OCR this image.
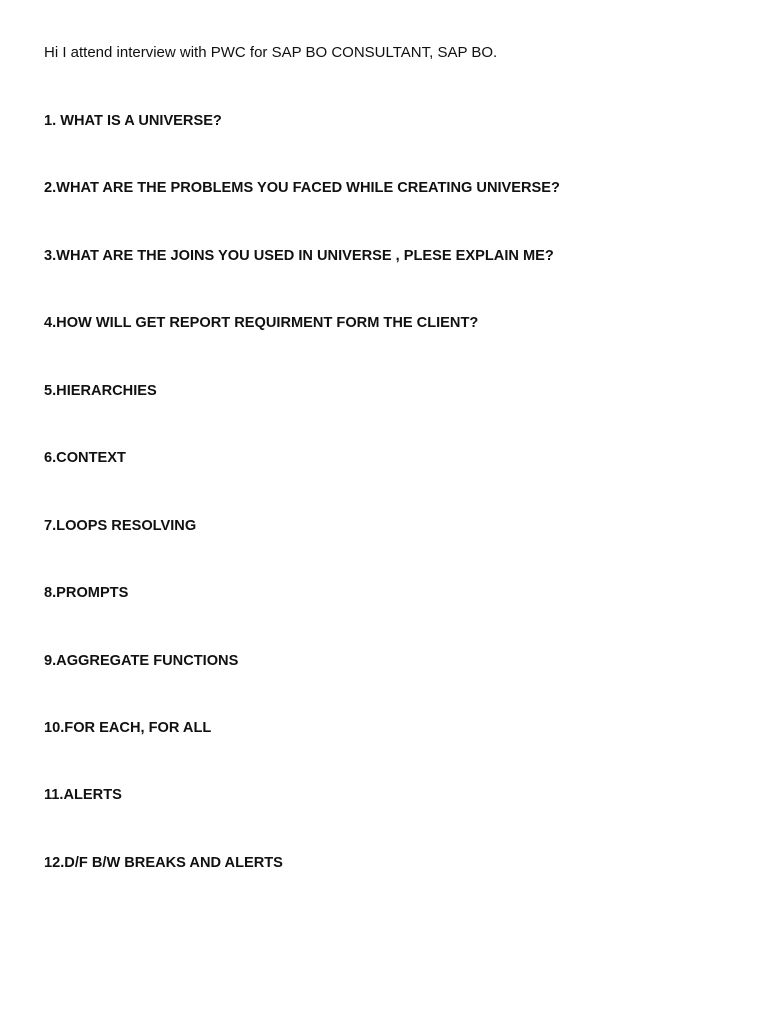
Hi I attend interview with PWC for SAP BO CONSULTANT, SAP BO.
1. WHAT IS A UNIVERSE?
2.WHAT ARE THE PROBLEMS YOU FACED WHILE CREATING UNIVERSE?
3.WHAT ARE THE JOINS YOU USED IN UNIVERSE , PLESE EXPLAIN ME?
4.HOW WILL GET REPORT REQUIRMENT FORM THE CLIENT?
5.HIERARCHIES
6.CONTEXT
7.LOOPS RESOLVING
8.PROMPTS
9.AGGREGATE FUNCTIONS
10.FOR EACH, FOR ALL
11.ALERTS
12.D/F B/W BREAKS AND ALERTS
